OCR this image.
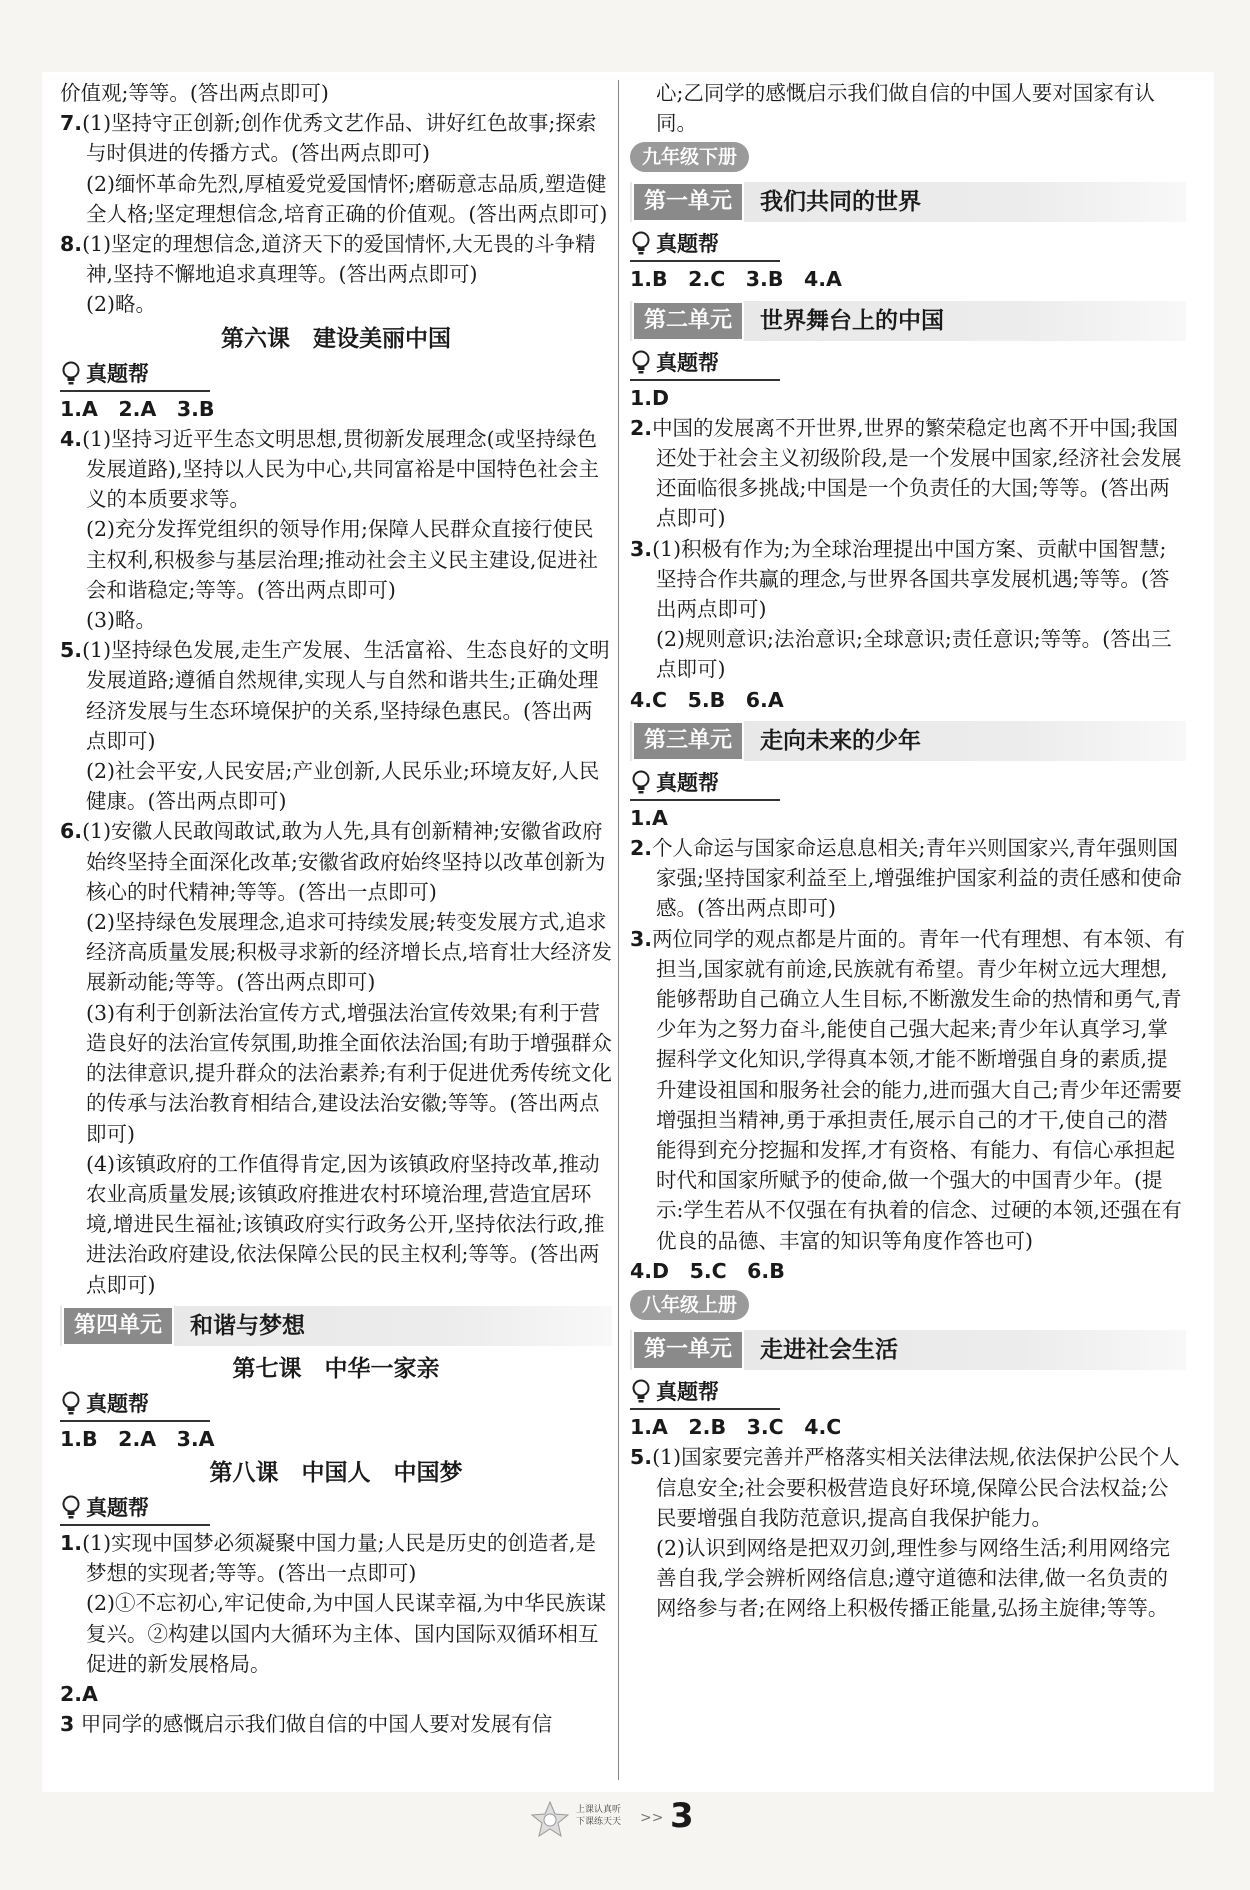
价值观;等等。(答出两点即可)
7.(1)坚持守正创新;创作优秀文艺作品、讲好红色故事;探索与时俱进的传播方式。(答出两点即可)
(2)缅怀革命先烈,厚植爱党爱国情怀;磨砺意志品质,塑造健全人格;坚定理想信念,培育正确的价值观。(答出两点即可)
8.(1)坚定的理想信念,道济天下的爱国情怀,大无畏的斗争精神,坚持不懈地追求真理等。(答出两点即可)
(2)略。
第六课　建设美丽中国
真题帮
1.A　2.A　3.B
4.(1)坚持习近平生态文明思想,贯彻新发展理念(或坚持绿色发展道路),坚持以人民为中心,共同富裕是中国特色社会主义的本质要求等。
(2)充分发挥党组织的领导作用;保障人民群众直接行使民主权利,积极参与基层治理;推动社会主义民主建设,促进社会和谐稳定;等等。(答出两点即可)
(3)略。
5.(1)坚持绿色发展,走生产发展、生活富裕、生态良好的文明发展道路;遵循自然规律,实现人与自然和谐共生;正确处理经济发展与生态环境保护的关系,坚持绿色惠民。(答出两点即可)
(2)社会平安,人民安居;产业创新,人民乐业;环境友好,人民健康。(答出两点即可)
6.(1)安徽人民敢闯敢试,敢为人先,具有创新精神;安徽省政府始终坚持全面深化改革;安徽省政府始终坚持以改革创新为核心的时代精神;等等。(答出一点即可)
(2)坚持绿色发展理念,追求可持续发展;转变发展方式,追求经济高质量发展;积极寻求新的经济增长点,培育壮大经济发展新动能;等等。(答出两点即可)
(3)有利于创新法治宣传方式,增强法治宣传效果;有利于营造良好的法治宣传氛围,助推全面依法治国;有助于增强群众的法律意识,提升群众的法治素养;有利于促进优秀传统文化的传承与法治教育相结合,建设法治安徽;等等。(答出两点即可)
(4)该镇政府的工作值得肯定,因为该镇政府坚持改革,推动农业高质量发展;该镇政府推进农村环境治理,营造宜居环境,增进民生福祉;该镇政府实行政务公开,坚持依法行政,推进法治政府建设,依法保障公民的民主权利;等等。(答出两点即可)
第四单元	和谐与梦想
第七课　中华一家亲
真题帮
1.B　2.A　3.A
第八课　中国人　中国梦
真题帮
1.(1)实现中国梦必须凝聚中国力量;人民是历史的创造者,是梦想的实现者;等等。(答出一点即可)
(2)①不忘初心,牢记使命,为中国人民谋幸福,为中华民族谋复兴。②构建以国内大循环为主体、国内国际双循环相互促进的新发展格局。
2.A
3 甲同学的感慨启示我们做自信的中国人要对发展有信
心;乙同学的感慨启示我们做自信的中国人要对国家有认同。
九年级下册
第一单元	我们共同的世界
真题帮
1.B　2.C　3.B　4.A
第二单元	世界舞台上的中国
真题帮
1.D
2.中国的发展离不开世界,世界的繁荣稳定也离不开中国;我国还处于社会主义初级阶段,是一个发展中国家,经济社会发展还面临很多挑战;中国是一个负责任的大国;等等。(答出两点即可)
3.(1)积极有作为;为全球治理提出中国方案、贡献中国智慧;坚持合作共赢的理念,与世界各国共享发展机遇;等等。(答出两点即可)
(2)规则意识;法治意识;全球意识;责任意识;等等。(答出三点即可)
4.C　5.B　6.A
第三单元	走向未来的少年
真题帮
1.A
2.个人命运与国家命运息息相关;青年兴则国家兴,青年强则国家强;坚持国家利益至上,增强维护国家利益的责任感和使命感。(答出两点即可)
3.两位同学的观点都是片面的。青年一代有理想、有本领、有担当,国家就有前途,民族就有希望。青少年树立远大理想,能够帮助自己确立人生目标,不断激发生命的热情和勇气,青少年为之努力奋斗,能使自己强大起来;青少年认真学习,掌握科学文化知识,学得真本领,才能不断增强自身的素质,提升建设祖国和服务社会的能力,进而强大自己;青少年还需要增强担当精神,勇于承担责任,展示自己的才干,使自己的潜能得到充分挖掘和发挥,才有资格、有能力、有信心承担起时代和国家所赋予的使命,做一个强大的中国青少年。(提示:学生若从不仅强在有执着的信念、过硬的本领,还强在有优良的品德、丰富的知识等角度作答也可)
4.D　5.C　6.B
八年级上册
第一单元	走进社会生活
真题帮
1.A　2.B　3.C　4.C
5.(1)国家要完善并严格落实相关法律法规,依法保护公民个人信息安全;社会要积极营造良好环境,保障公民合法权益;公民要增强自我防范意识,提高自我保护能力。
(2)认识到网络是把双刃剑,理性参与网络生活;利用网络完善自我,学会辨析网络信息;遵守道德和法律,做一名负责的网络参与者;在网络上积极传播正能量,弘扬主旋律;等等。
上课认真听
下课练天天 >> 3
